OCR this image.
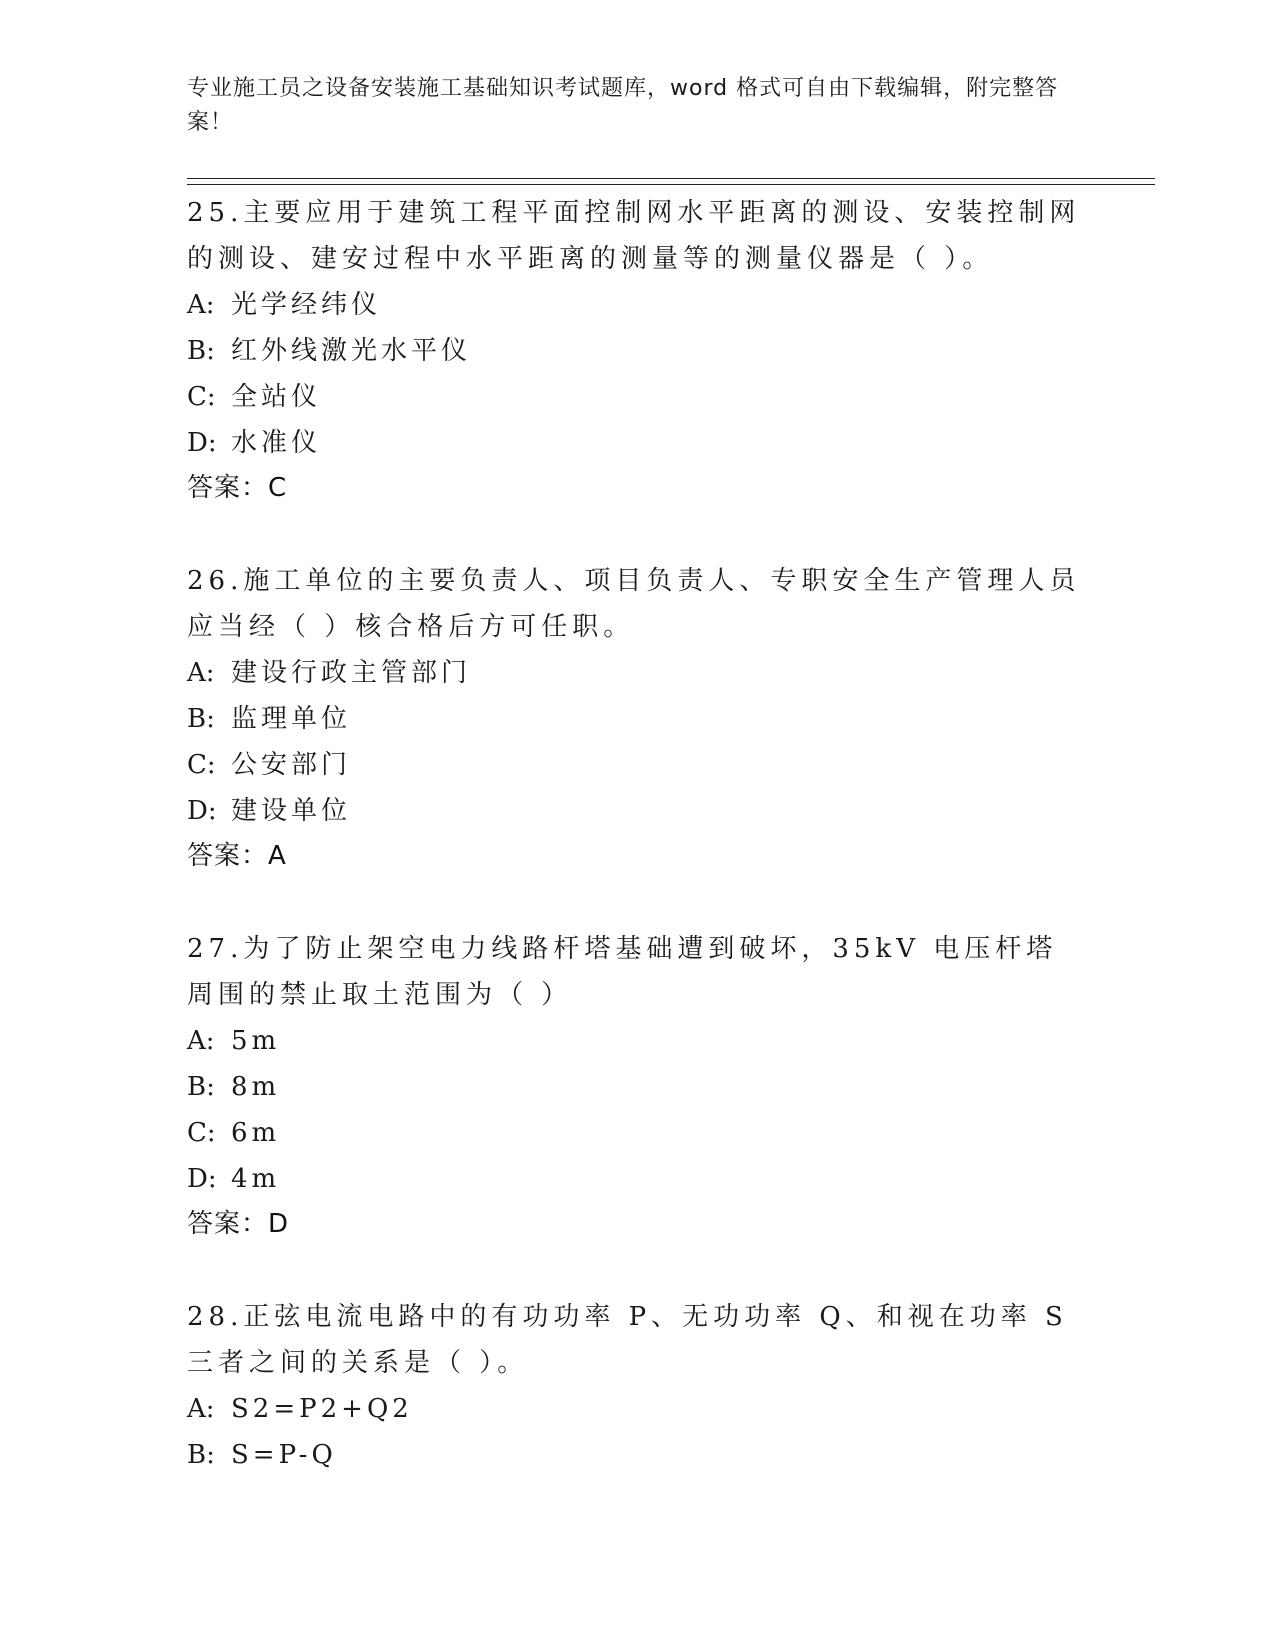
专业施工员之设备安装施工基础知识考试题库，word 格式可自由下载编辑，附完整答案！

25.主要应用于建筑工程平面控制网水平距离的测设、安装控制网的测设、建安过程中水平距离的测量等的测量仪器是（ ）。

A: 光学经纬仪
B: 红外线激光水平仪
C: 全站仪
D: 水准仪
答案：C

26.施工单位的主要负责人、项目负责人、专职安全生产管理人员应当经（ ）核合格后方可任职。

A: 建设行政主管部门
B: 监理单位
C: 公安部门
D: 建设单位
答案：A

27.为了防止架空电力线路杆塔基础遭到破坏，35kV 电压杆塔周围的禁止取土范围为（ ）

A: 5m
B: 8m
C: 6m
D: 4m
答案：D

28.正弦电流电路中的有功功率 P、无功功率 Q、和视在功率 S 三者之间的关系是（ ）。

A: S2=P2+Q2
B: S=P-Q
